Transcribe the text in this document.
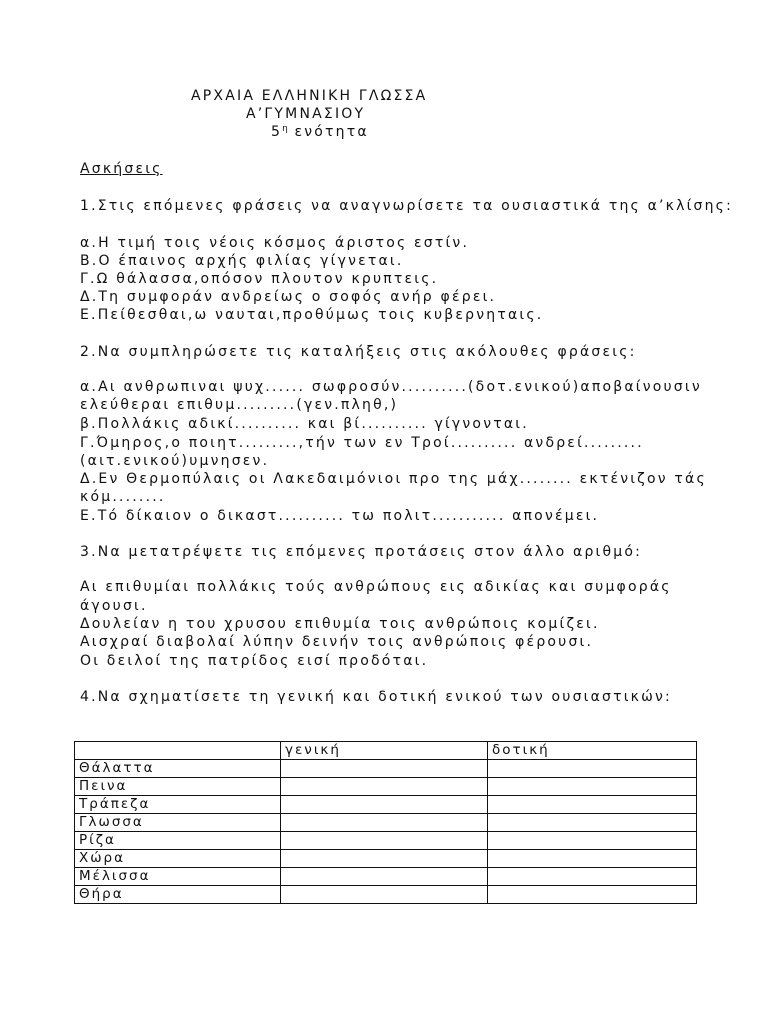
ΑΡΧΑΙΑ ΕΛΛΗΝΙΚΗ ΓΛΩΣΣΑ
Α’ΓΥΜΝΑΣΙΟΥ
$5^\eta$ ενότητα
Ασκήσεις
1.Στις επόμενες φράσεις να αναγνωρίσετε τα ουσιαστικά της α’κλίσης:
α.Η τιμή τοις νέοις κόσμος άριστος εστίν.
Β.Ο έπαινος αρχής φιλίας γίγνεται.
Γ.Ω θάλασσα,οπόσον πλουτον κρυπτεις.
Δ.Τη συμφοράν ανδρείως ο σοφός ανήρ φέρει.
Ε.Πείθεσθαι,ω ναυται,προθύμως τοις κυβερνηταις.
2.Να συμπληρώσετε τις καταλήξεις στις ακόλουθες φράσεις:
α.Αι ανθρωπιναι ψυχ...... σωφροσύν..........(δοτ.ενικού)αποβαίνουσιν
ελεύθεραι επιθυμ.........(γεν.πληθ,)
β.Πολλάκις αδικί.......... και βί.......... γίγνονται.
Γ.Όμηρος,ο ποιητ.........,τήν των εν Τροί.......... ανδρεί.........
(αιτ.ενικού)υμνησεν.
Δ.Εν Θερμοπύλαις οι Λακεδαιμόνιοι προ της μάχ........ εκτένιζον τάς
κόμ........
Ε.Τό δίκαιον ο δικαστ.......... τω πολιτ........... απονέμει.
3.Να μετατρέψετε τις επόμενες προτάσεις στον άλλο αριθμό:
Αι επιθυμίαι πολλάκις τούς ανθρώπους εις αδικίας και συμφοράς
άγουσι.
Δουλείαν η του χρυσου επιθυμία τοις ανθρώποις κομίζει.
Αισχραί διαβολαί λύπην δεινήν τοις ανθρώποις φέρουσι.
Οι δειλοί της πατρίδος εισί προδόται.
4.Να σχηματίσετε τη γενική και δοτική ενικού των ουσιαστικών:
	γενική	δοτική
Θάλαττα		
Πεινα		
Τράπεζα		
Γλωσσα		
Ρίζα		
Χώρα		
Μέλισσα		
Θήρα		
